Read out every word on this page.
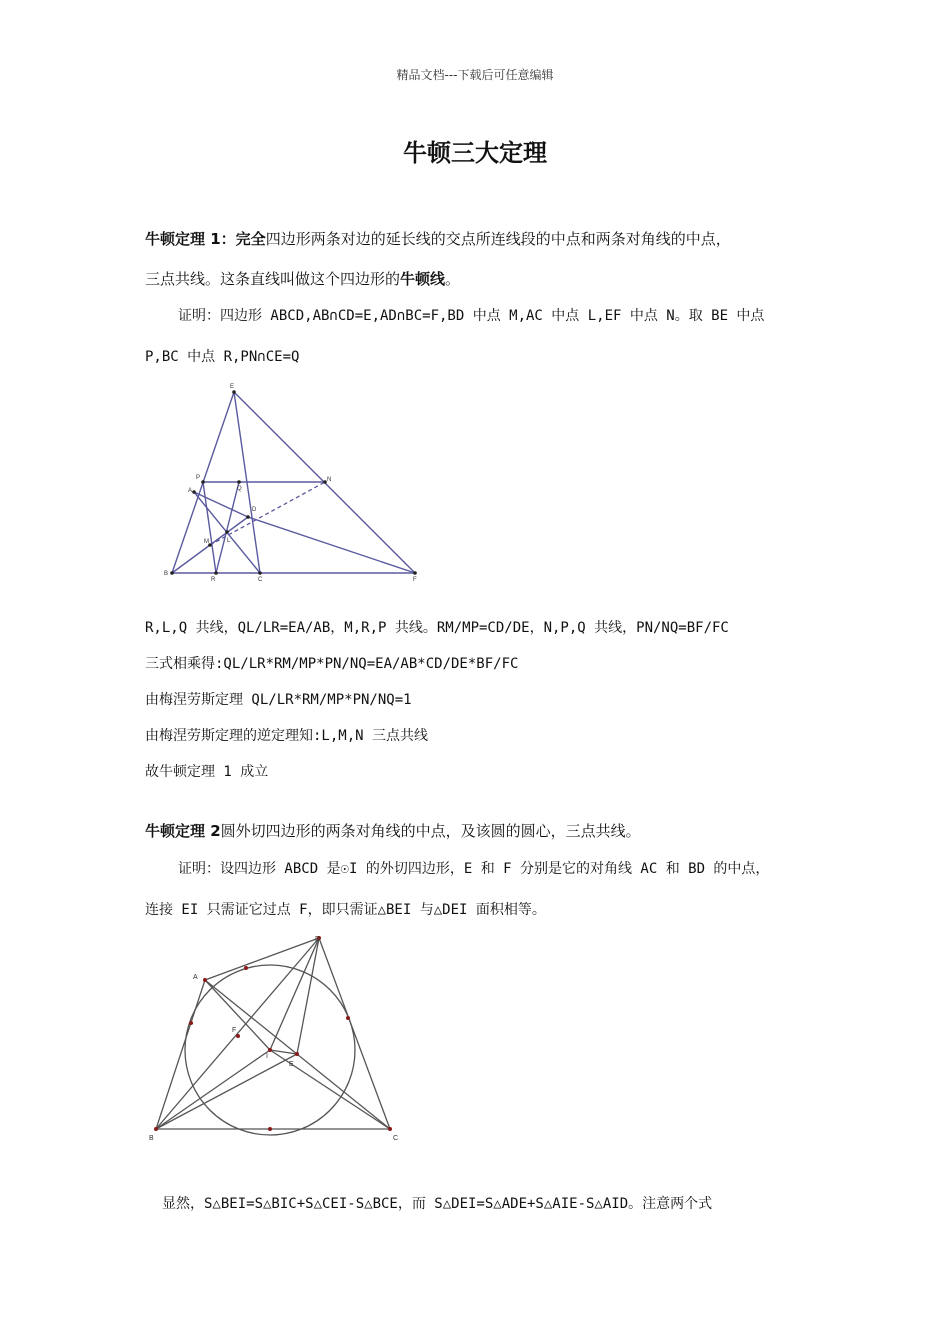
精品文档---下载后可任意编辑
牛顿三大定理
牛顿定理 1：完全四边形两条对边的延长线的交点所连线段的中点和两条对角线的中点，
三点共线。这条直线叫做这个四边形的牛顿线。
证明：四边形 ABCD,AB∩CD=E,AD∩BC=F,BD 中点 M,AC 中点 L,EF 中点 N。取 BE 中点
P,BC 中点 R,PN∩CE=Q
E
P
Q
N
A
D
M	L
B
R	C	F
R,L,Q 共线，QL/LR=EA/AB，M,R,P 共线。RM/MP=CD/DE，N,P,Q 共线，PN/NQ=BF/FC
三式相乘得:QL/LR*RM/MP*PN/NQ=EA/AB*CD/DE*BF/FC
由梅涅劳斯定理 QL/LR*RM/MP*PN/NQ=1
由梅涅劳斯定理的逆定理知:L,M,N 三点共线
故牛顿定理 1 成立
牛顿定理 2圆外切四边形的两条对角线的中点，及该圆的圆心，三点共线。
证明：设四边形 ABCD 是☉I 的外切四边形，E 和 F 分别是它的对角线 AC 和 BD 的中点，
连接 EI 只需证它过点 F，即只需证△BEI 与△DEI 面积相等。
A
D
F
I
E
B	C
显然，S△BEI=S△BIC+S△CEI-S△BCE，而 S△DEI=S△ADE+S△AIE-S△AID。注意两个式
